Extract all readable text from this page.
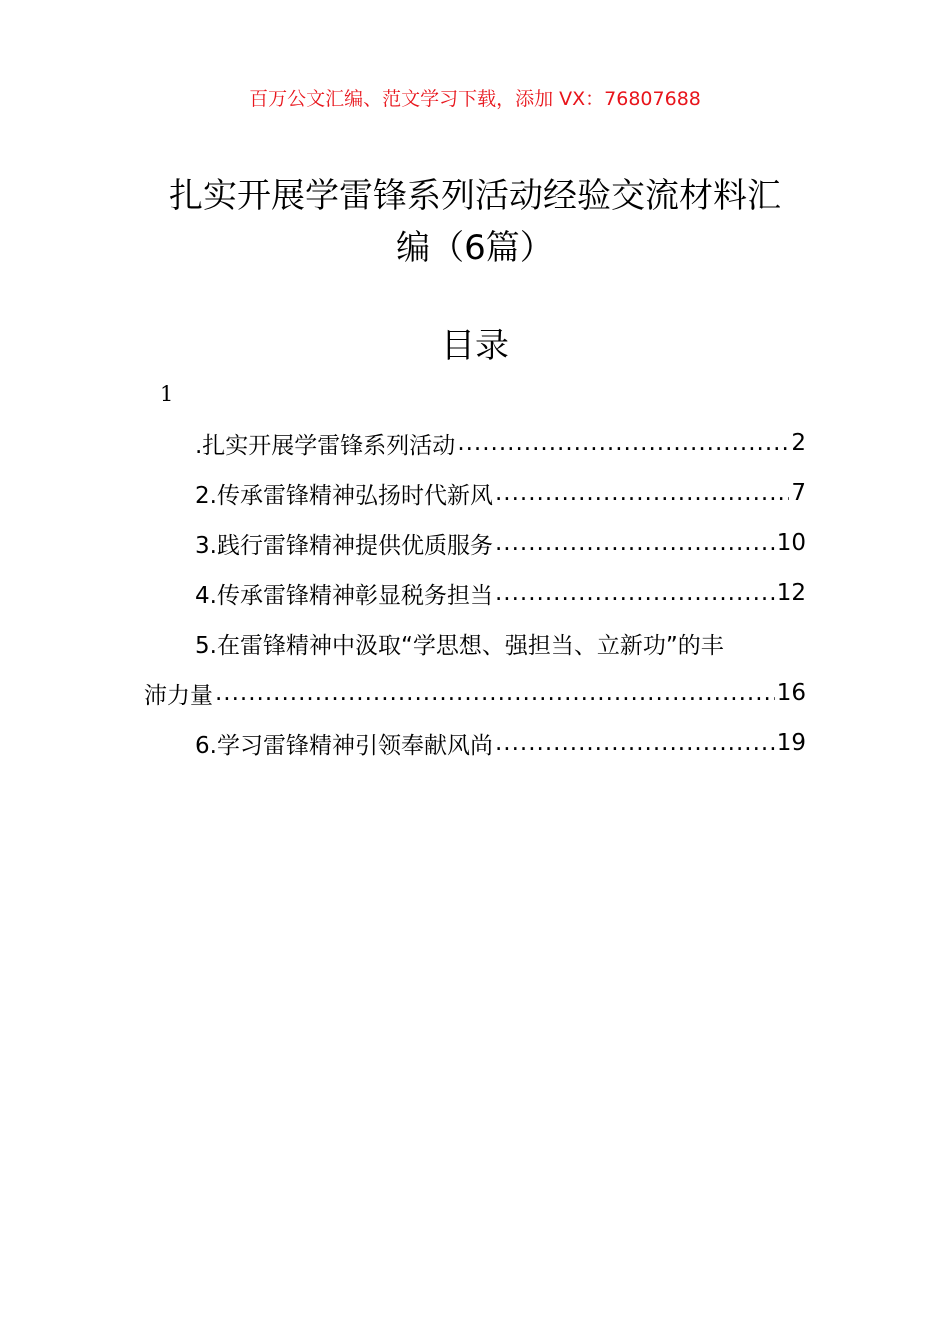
百万公文汇编、范文学习下载，添加 VX：76807688
扎实开展学雷锋系列活动经验交流材料汇
编（6篇）
目录
1
.扎实开展学雷锋系列活动 .....	2
2.传承雷锋精神弘扬时代新风 .....	7
3.践行雷锋精神提供优质服务 .....	10
4.传承雷锋精神彰显税务担当 .....	12
5.在雷锋精神中汲取“学思想、强担当、立新功”的丰
沛力量 .....	16
6.学习雷锋精神引领奉献风尚 .....	19
